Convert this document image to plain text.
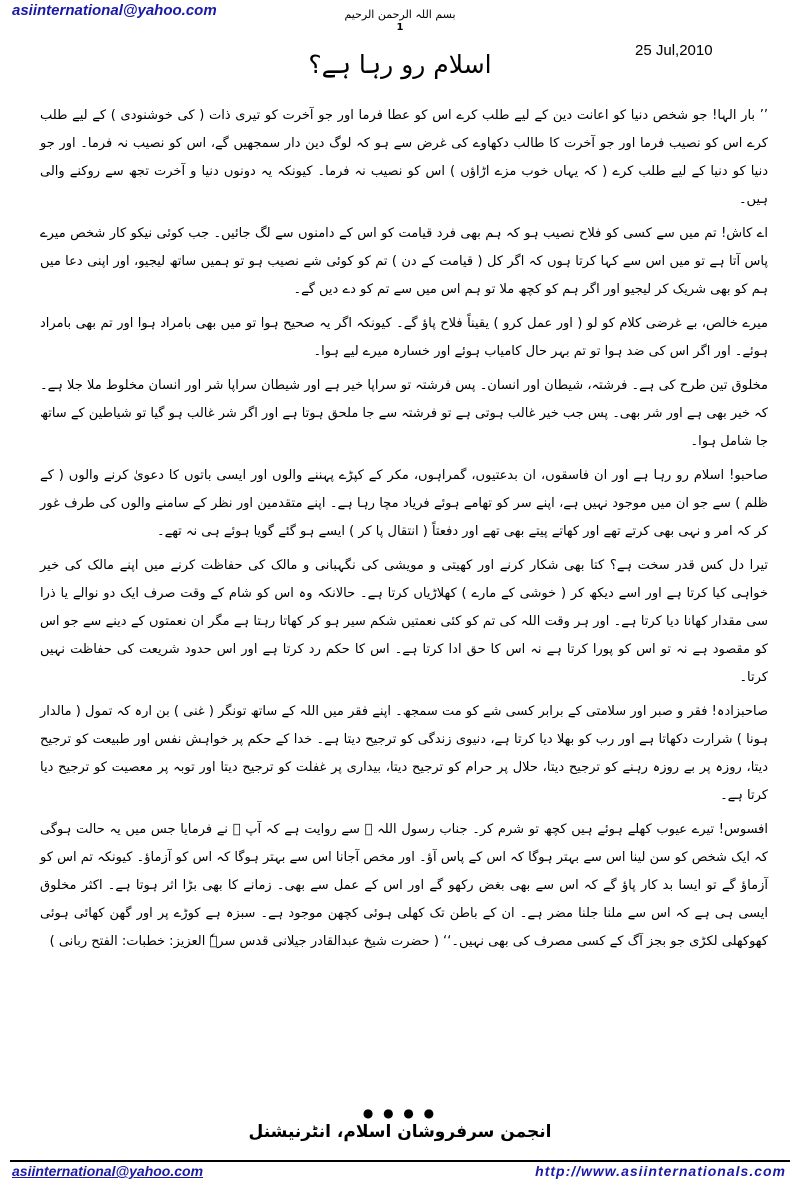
asiinternational@yahoo.com	بسم اللہ الرحمن الرحیم
1
25 Jul,2010
اسلام رو رہا ہے؟

’’ بار الہا! جو شخص دنیا کو اعانت دین کے لیے طلب کرے اس کو عطا فرما اور جو آخرت کو تیری ذات ( کی خوشنودی ) کے لیے طلب کرے اس کو نصیب فرما اور جو آخرت کا طالب دکھاوے کی غرض سے ہو کہ لوگ دین دار سمجھیں گے، اس کو نصیب نہ فرما۔ اور جو دنیا کو دنیا کے لیے طلب کرے ( کہ یہاں خوب مزے اڑاؤں ) اس کو نصیب نہ فرما۔ کیونکہ یہ دونوں دنیا و آخرت تجھ سے روکنے والی ہیں۔

اے کاش! تم میں سے کسی کو فلاح نصیب ہو کہ ہم بھی فرد قیامت کو اس کے دامنوں سے لگ جائیں۔ جب کوئی نیکو کار شخص میرے پاس آتا ہے تو میں اس سے کہا کرتا ہوں کہ اگر کل ( قیامت کے دن ) تم کو کوئی شے نصیب ہو تو ہمیں ساتھ لیجیو، اور اپنی دعا میں ہم کو بھی شریک کر لیجیو اور اگر ہم کو کچھ ملا تو ہم اس میں سے تم کو دے دیں گے۔

میرے خالص، بے غرضی کلام کو لو ( اور عمل کرو ) یقیناً فلاح پاؤ گے۔ کیونکہ اگر یہ صحیح ہوا تو میں بھی بامراد ہوا اور تم بھی بامراد ہوئے۔ اور اگر اس کی ضد ہوا تو تم بہر حال کامیاب ہوئے اور خسارہ میرے لیے ہوا۔

مخلوق تین طرح کی ہے۔ فرشتہ، شیطان اور انسان۔ پس فرشتہ تو سراپا خیر ہے اور شیطان سراپا شر اور انسان مخلوط ملا جلا ہے۔ کہ خیر بھی ہے اور شر بھی۔ پس جب خیر غالب ہوتی ہے تو فرشتہ سے جا ملحق ہوتا ہے اور اگر شر غالب ہو گیا تو شیاطین کے ساتھ جا شامل ہوا۔

صاحبو! اسلام رو رہا ہے اور ان فاسقوں، ان بدعتیوں، گمراہوں، مکر کے کپڑے پہننے والوں اور ایسی باتوں کا دعویٰ کرنے والوں ( کے ظلم ) سے جو ان میں موجود نہیں ہے، اپنے سر کو تھامے ہوئے فریاد مچا رہا ہے۔ اپنے متقدمین اور نظر کے سامنے والوں کی طرف غور کر کہ امر و نہی بھی کرتے تھے اور کھاتے پیتے بھی تھے اور دفعتاً ( انتقال پا کر ) ایسے ہو گئے گویا ہوئے ہی نہ تھے۔

تیرا دل کس قدر سخت ہے؟ کتا بھی شکار کرنے اور کھیتی و مویشی کی نگہبانی و مالک کی حفاظت کرنے میں اپنے مالک کی خیر خواہی کیا کرتا ہے اور اسے دیکھ کر ( خوشی کے مارے ) کھلاڑیاں کرتا ہے۔ حالانکہ وہ اس کو شام کے وقت صرف ایک دو نوالے یا ذرا سی مقدار کھانا دیا کرتا ہے۔ اور ہر وقت اللہ کی تم کو کئی نعمتیں شکم سیر ہو کر کھاتا رہتا ہے مگر ان نعمتوں کے دینے سے جو اس کو مقصود ہے نہ تو اس کو پورا کرتا ہے نہ اس کا حق ادا کرتا ہے۔ اس کا حکم رد کرتا ہے اور اس حدود شریعت کی حفاظت نہیں کرتا۔

صاحبزادہ! فقر و صبر اور سلامتی کے برابر کسی شے کو مت سمجھ۔ اپنے فقر میں اللہ کے ساتھ تونگر ( غنی ) بن ارہ کہ تمول ( مالدار ہونا ) شرارت دکھاتا ہے اور رب کو بھلا دیا کرتا ہے، دنیوی زندگی کو ترجیح دیتا ہے۔ خدا کے حکم پر خواہش نفس اور طبیعت کو ترجیح دیتا، روزہ پر بے روزہ رہنے کو ترجیح دیتا، حلال پر حرام کو ترجیح دیتا، بیداری پر غفلت کو ترجیح دیتا اور توبہ پر معصیت کو ترجیح دیا کرتا ہے۔

افسوس! تیرے عیوب کھلے ہوئے ہیں کچھ تو شرم کر۔ جناب رسول اللہ ﷺ سے روایت ہے کہ آپ ﷺ نے فرمایا جس میں یہ حالت ہوگی کہ ایک شخص کو سن لینا اس سے بہتر ہوگا کہ اس کے پاس آؤ۔ اور مخص آجانا اس سے بہتر ہوگا کہ اس کو آزماؤ۔ کیونکہ تم اس کو آزماؤ گے تو ایسا بد کار پاؤ گے کہ اس سے بھی بغض رکھو گے اور اس کے عمل سے بھی۔ زمانے کا بھی بڑا اثر ہوتا ہے۔ اکثر مخلوق ایسی ہی ہے کہ اس سے ملنا جلنا مضر ہے۔ ان کے باطن تک کھلی ہوئی کچھن موجود ہے۔ سبزہ ہے کوڑے پر اور گھن کھائی ہوئی کھوکھلی لکڑی جو بجز آگ کے کسی مصرف کی بھی نہیں۔‘‘ ( حضرت شیخ عبدالقادر جیلانی قدس سرہٗ العزیز: خطبات: الفتح ربانی )

● ● ● ●
انجمن سرفروشان اسلام، انٹرنیشنل
asiinternational@yahoo.com	http://www.asiinternationals.com
